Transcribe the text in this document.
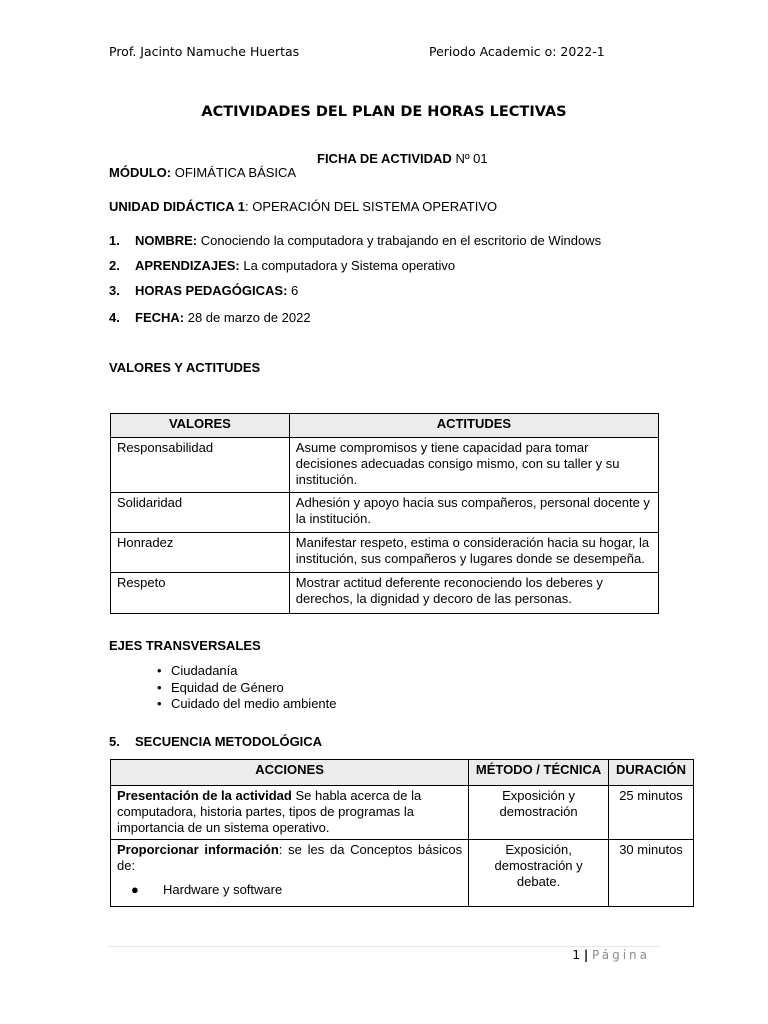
Prof. Jacinto Namuche Huertas	Periodo Academic o: 2022-1
ACTIVIDADES DEL PLAN DE HORAS LECTIVAS
FICHA DE ACTIVIDAD Nº 01
MÓDULO: OFIMÁTICA BÁSICA
UNIDAD DIDÁCTICA 1: OPERACIÓN DEL SISTEMA OPERATIVO
1. NOMBRE: Conociendo la computadora y trabajando en el escritorio de Windows
2. APRENDIZAJES: La computadora y Sistema operativo
3. HORAS PEDAGÓGICAS: 6
4. FECHA: 28 de marzo de 2022
VALORES Y ACTITUDES
VALORES	ACTITUDES
Responsabilidad	Asume compromisos y tiene capacidad para tomar decisiones adecuadas consigo mismo, con su taller y su institución.
Solidaridad	Adhesión y apoyo hacia sus compañeros, personal docente y la institución.
Honradez	Manifestar respeto, estima o consideración hacia su hogar, la institución, sus compañeros y lugares donde se desempeña.
Respeto	Mostrar actitud deferente reconociendo los deberes y derechos, la dignidad y decoro de las personas.
EJES TRANSVERSALES
• Ciudadanía
• Equidad de Género
• Cuidado del medio ambiente
5. SECUENCIA METODOLÓGICA
ACCIONES	MÉTODO / TÉCNICA	DURACIÓN
Presentación de la actividad Se habla acerca de la computadora, historia partes, tipos de programas la importancia de un sistema operativo.	Exposición y demostración	25 minutos
Proporcionar información: se les da Conceptos básicos de:
● Hardware y software	Exposición, demostración y debate.	30 minutos
1 | Página
